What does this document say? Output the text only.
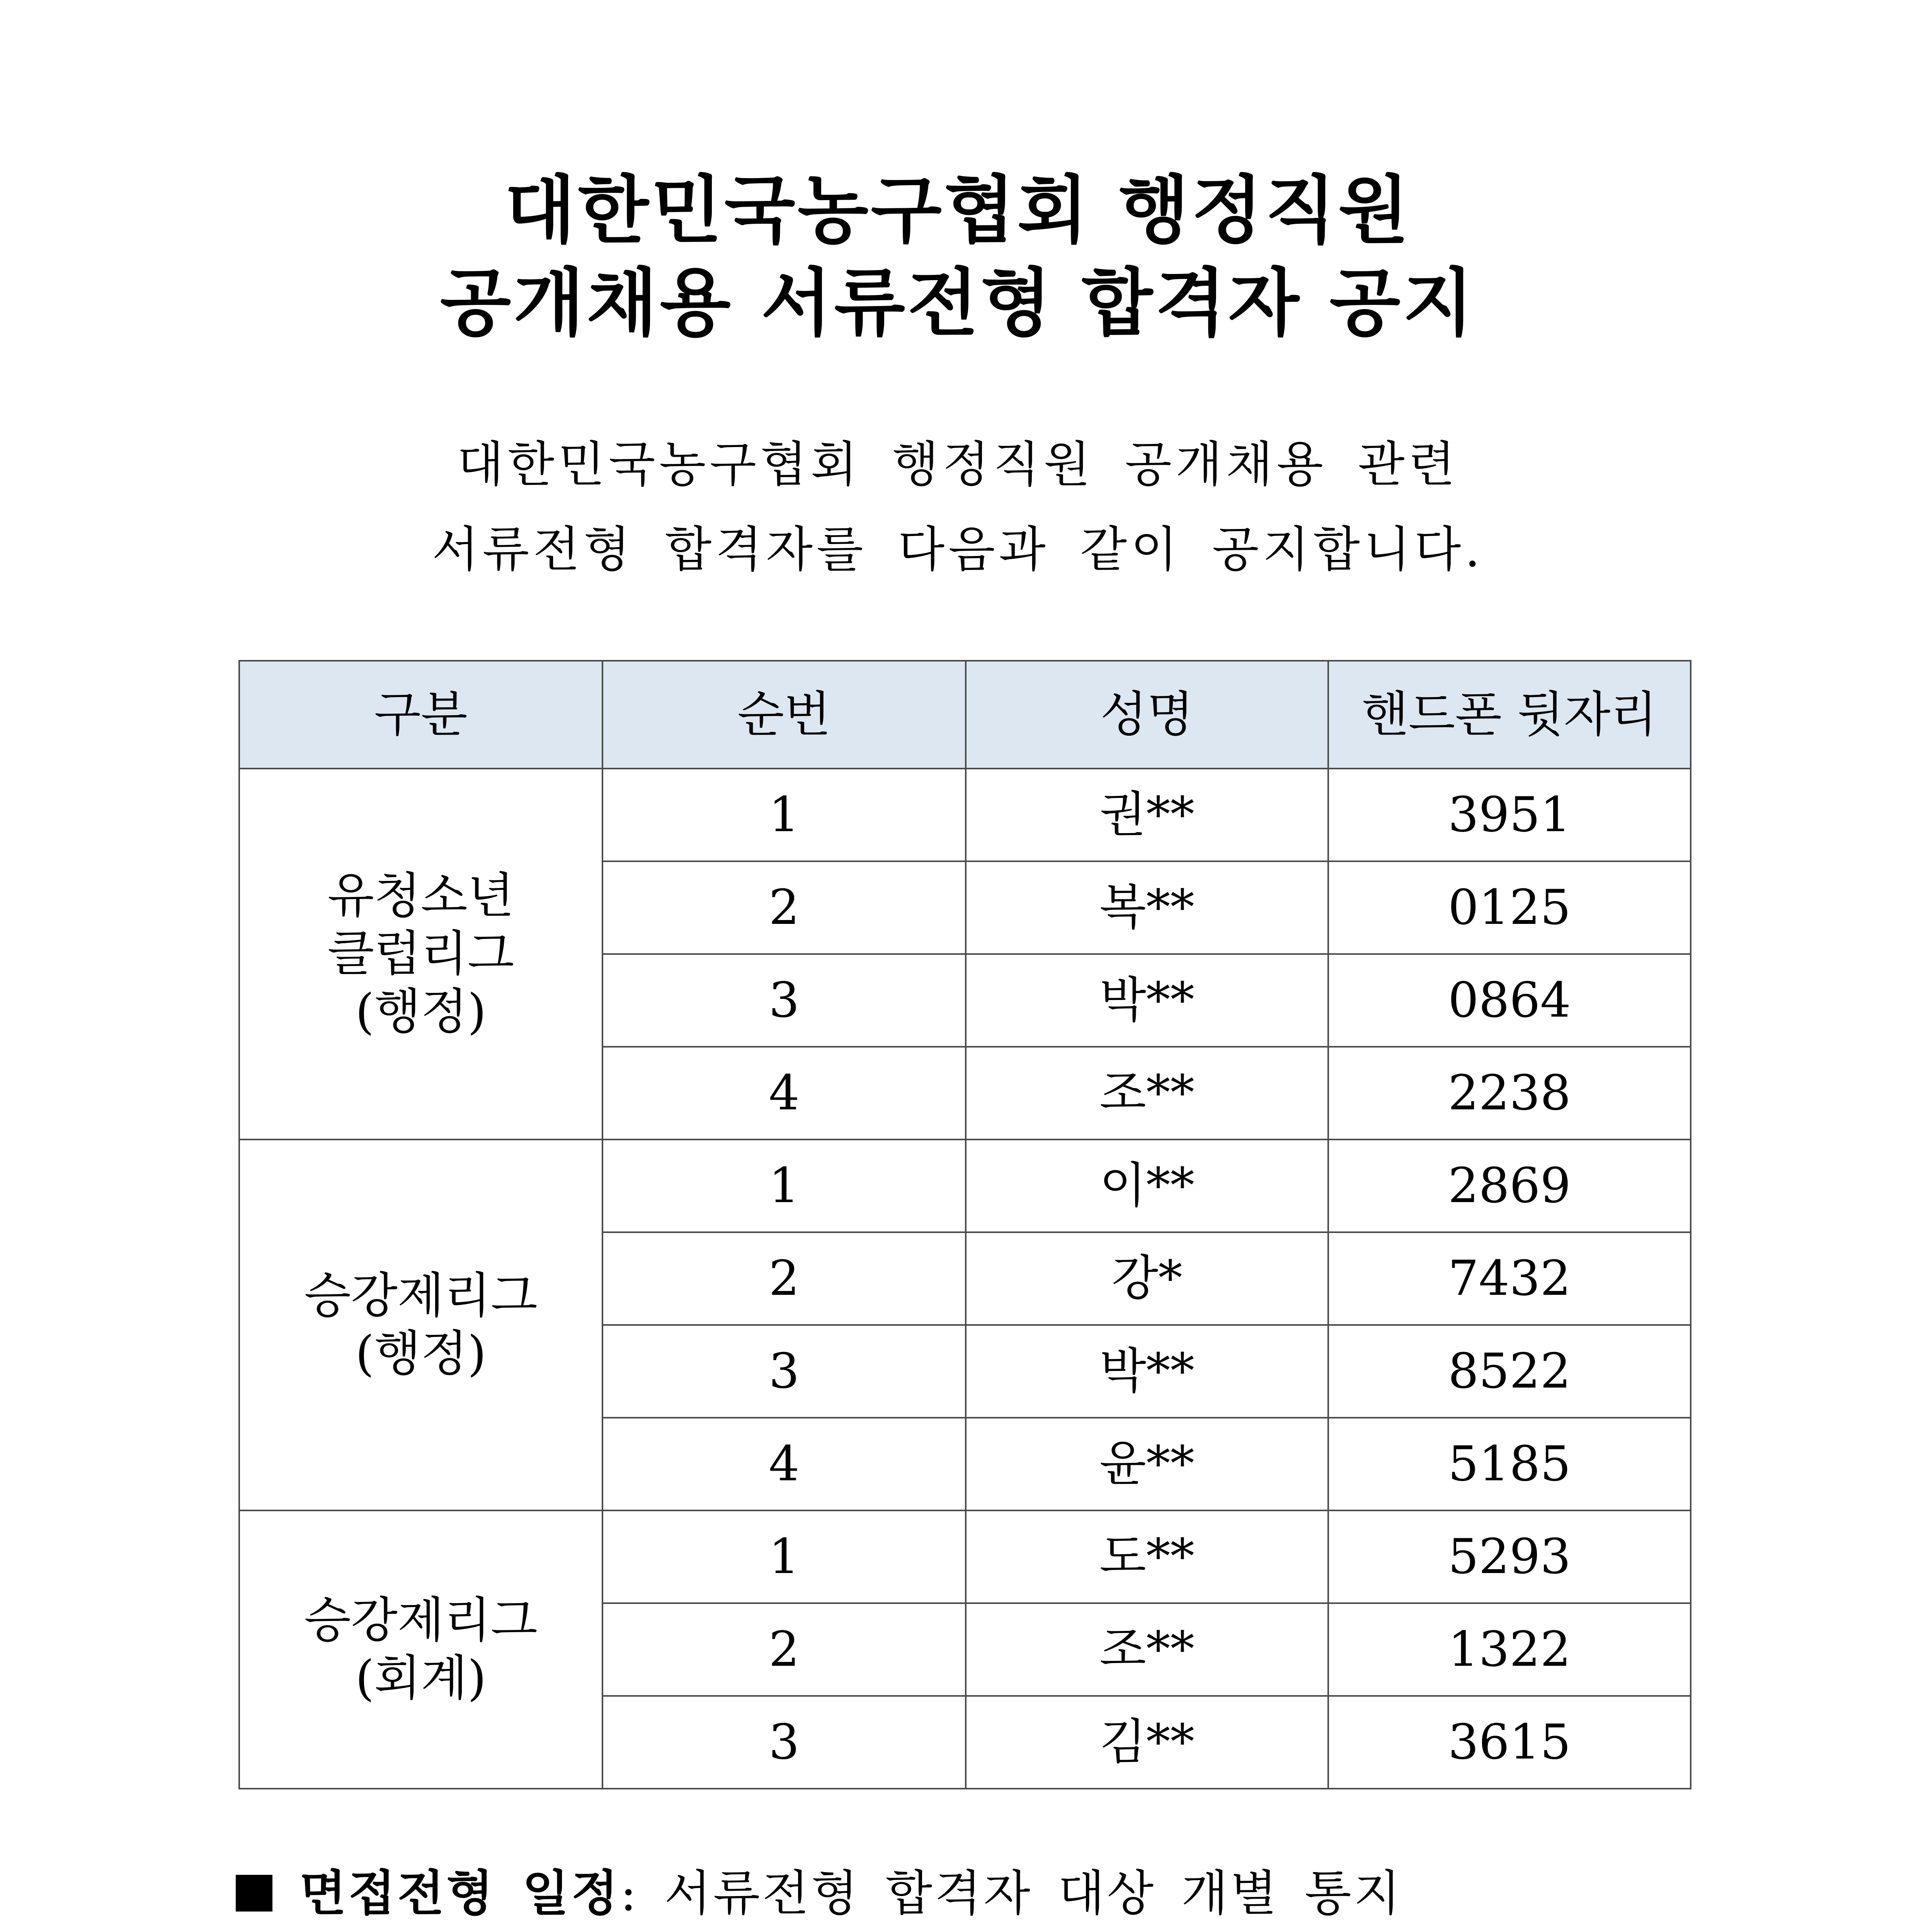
대한민국농구협회 행정직원
공개채용 서류전형 합격자 공지
대한민국농구협회 행정직원 공개채용 관련
서류전형 합격자를 다음과 같이 공지합니다.
구분	순번	성명	핸드폰 뒷자리

유청소년
클럽리그
(행정)	1	권**	3951
	2	복**	0125
	3	박**	0864
	4	조**	2238

승강제리그
(행정)	1	이**	2869
	2	강*	7432
	3	박**	8522
	4	윤**	5185

승강제리그
(회계)	1	도**	5293
	2	조**	1322
	3	김**	3615
면접전형 일정: 서류전형 합격자 대상 개별 통지
